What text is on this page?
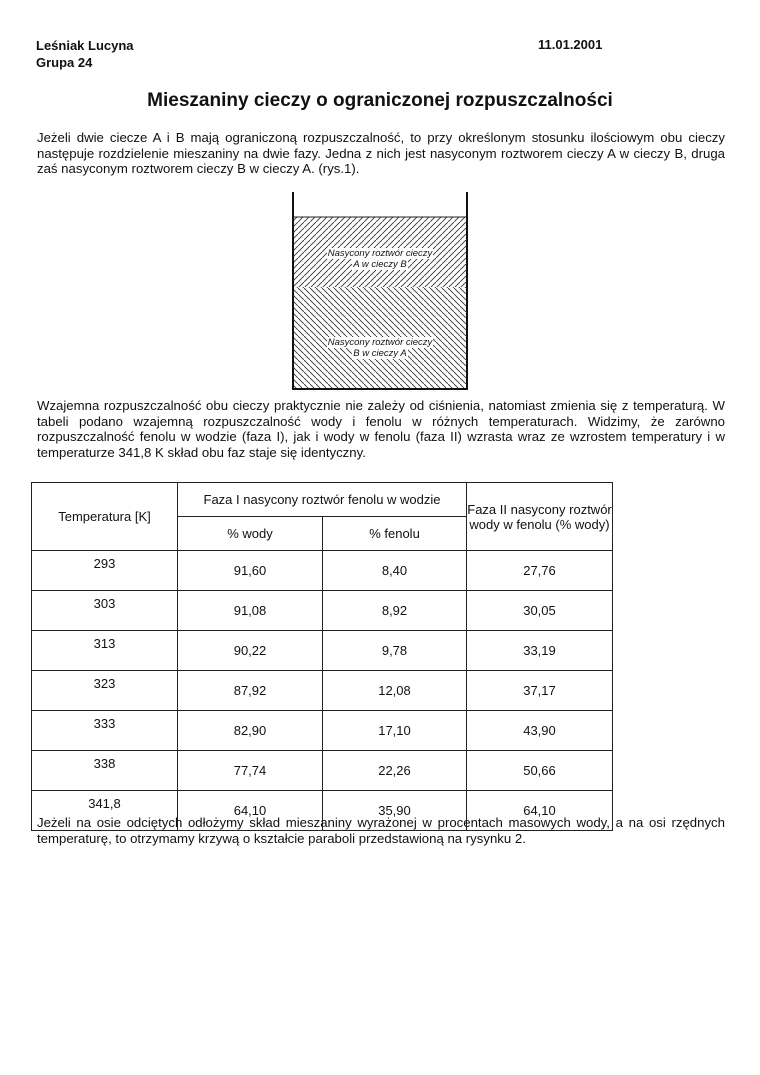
Leśniak Lucyna
Grupa 24
11.01.2001
Mieszaniny cieczy o ograniczonej rozpuszczalności
Jeżeli dwie ciecze A i B mają ograniczoną rozpuszczalność, to przy określonym stosunku ilościowym obu cieczy następuje rozdzielenie mieszaniny na dwie fazy. Jedna z nich jest nasyconym roztworem cieczy A w cieczy B, druga zaś nasyconym roztworem cieczy B w cieczy A. (rys.1).
Nasycony roztwór cieczy
A w cieczy B
Nasycony roztwór cieczy
B w cieczy A
Wzajemna rozpuszczalność obu cieczy praktycznie nie zależy od ciśnienia, natomiast zmienia się z temperaturą. W tabeli podano wzajemną rozpuszczalność wody i fenolu w różnych temperaturach. Widzimy, że zarówno rozpuszczalność fenolu w wodzie (faza I), jak i wody w fenolu (faza II) wzrasta wraz ze wzrostem temperatury i w temperaturze 341,8 K skład obu faz staje się identyczny.
Temperatura [K]	Faza I nasycony roztwór fenolu w wodzie		Faza II nasycony roztwór wody w fenolu (% wody)
	% wody	% fenolu	
293	91,60	8,40	27,76
303	91,08	8,92	30,05
313	90,22	9,78	33,19
323	87,92	12,08	37,17
333	82,90	17,10	43,90
338	77,74	22,26	50,66
341,8	64,10	35,90	64,10
Jeżeli na osie odciętych odłożymy skład mieszaniny wyrażonej w procentach masowych wody, a na osi rzędnych temperaturę, to otrzymamy krzywą o kształcie paraboli przedstawioną na rysynku 2.
